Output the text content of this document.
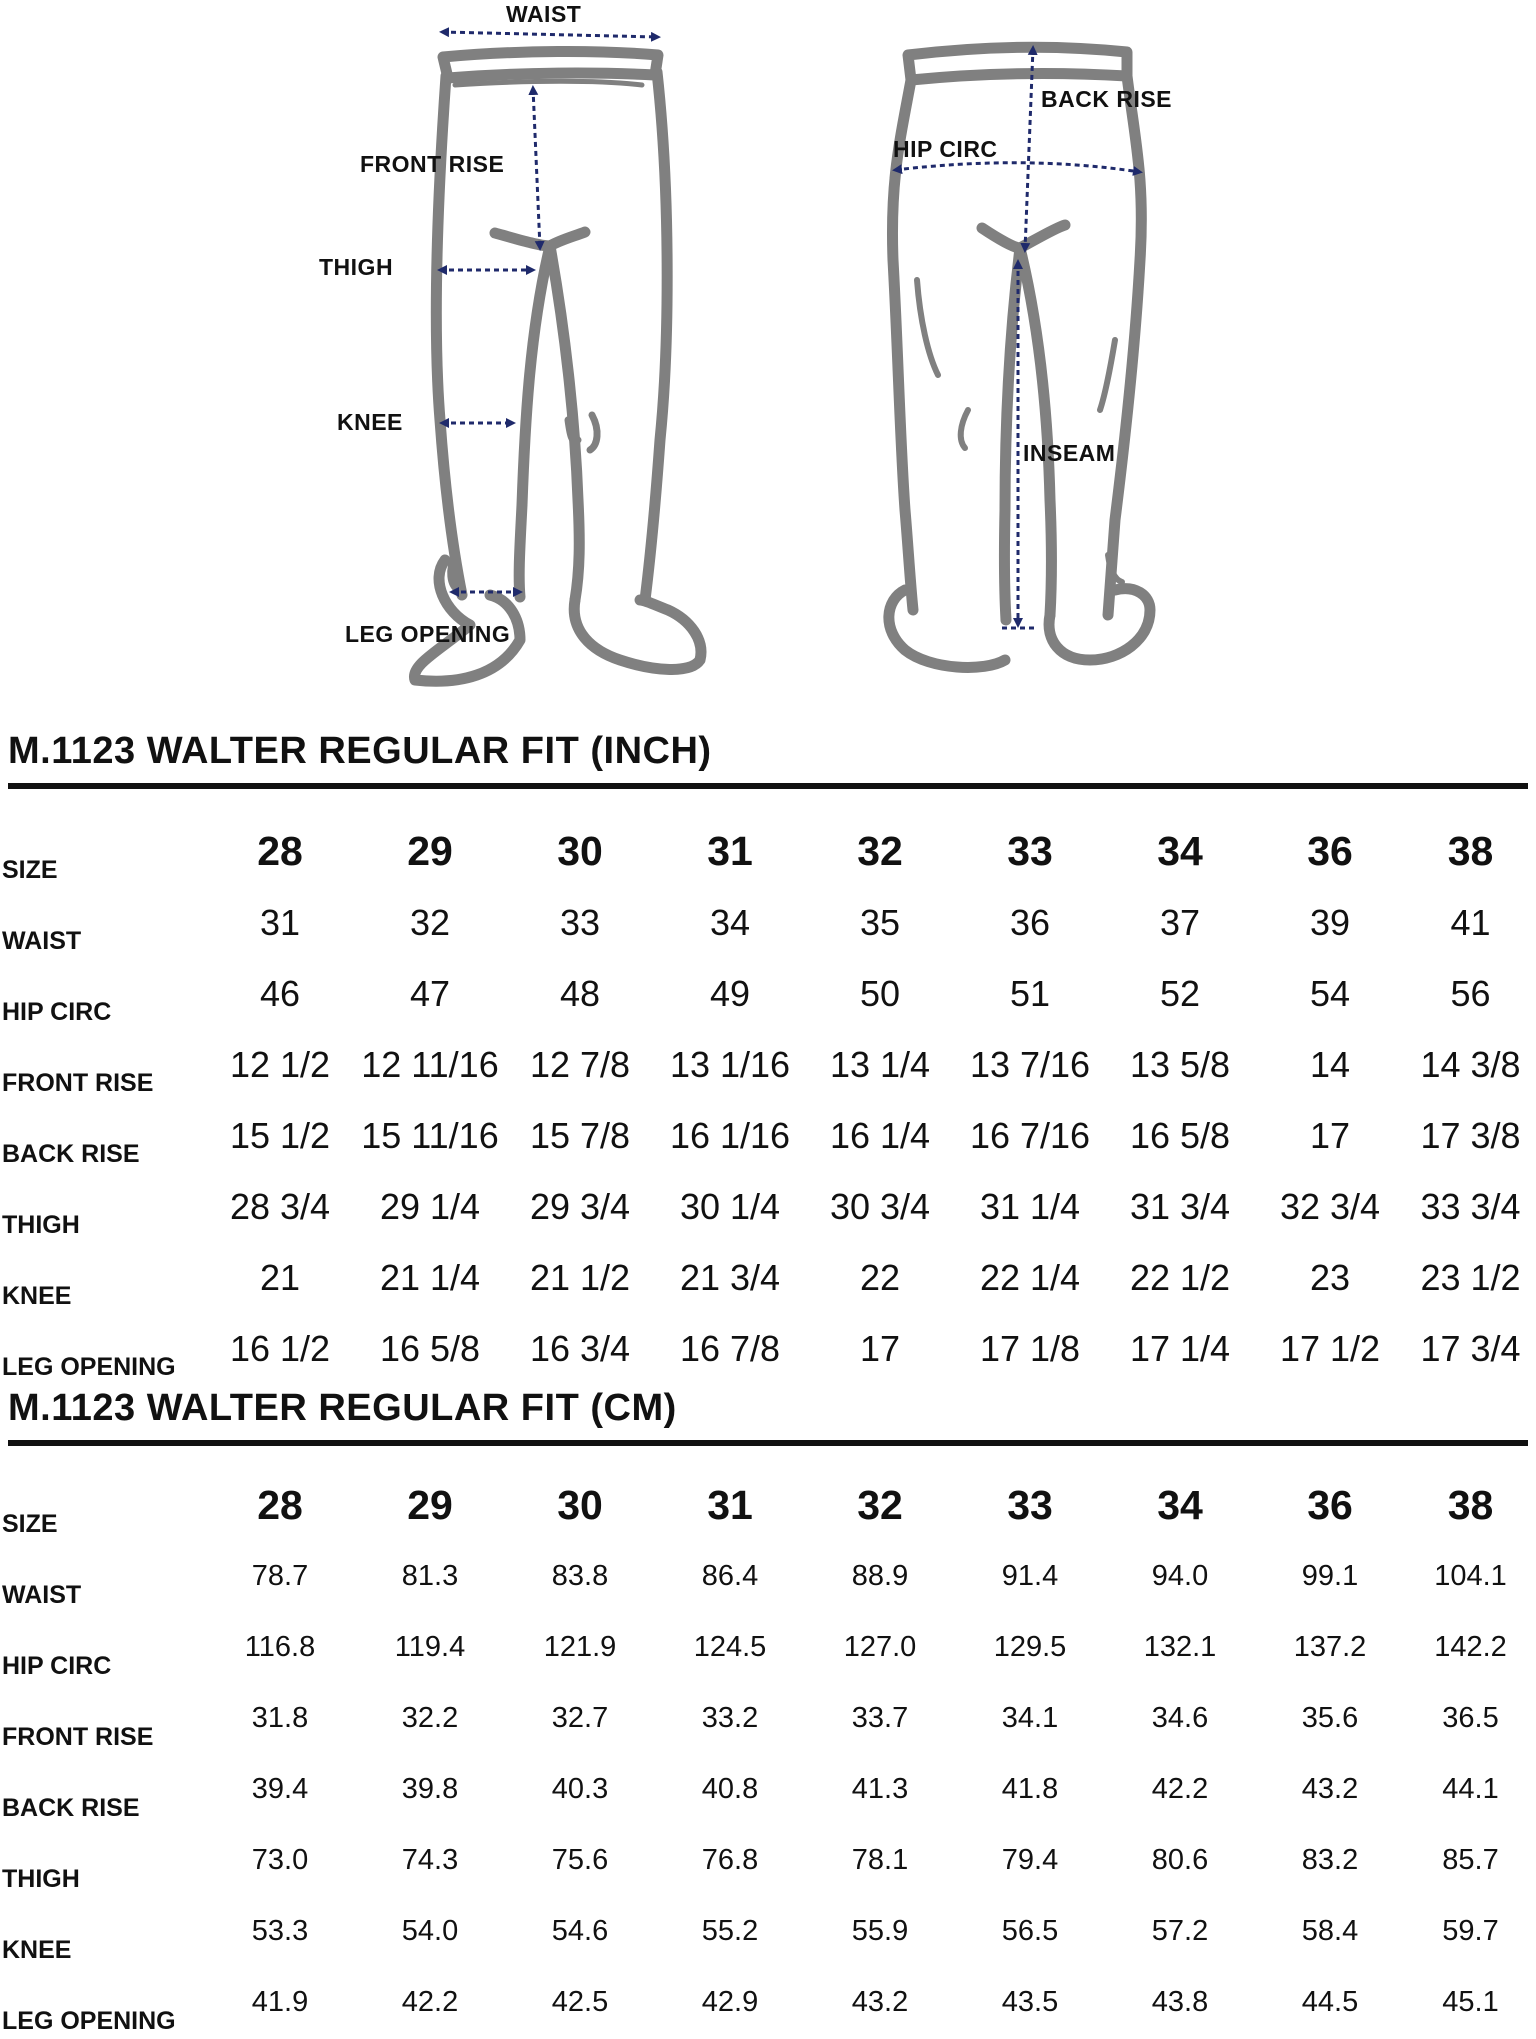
WAIST
FRONT RISE
THIGH
KNEE
LEG OPENING
BACK RISE
HIP CIRC
INSEAM
M.1123 WALTER REGULAR FIT (INCH)
SIZE	28	29	30	31	32	33	34	36	38
WAIST	31	32	33	34	35	36	37	39	41
HIP CIRC	46	47	48	49	50	51	52	54	56
FRONT RISE	12 1/2	12 11/16	12 7/8	13 1/16	13 1/4	13 7/16	13 5/8	14	14 3/8
BACK RISE	15 1/2	15 11/16	15 7/8	16 1/16	16 1/4	16 7/16	16 5/8	17	17 3/8
THIGH	28 3/4	29 1/4	29 3/4	30 1/4	30 3/4	31 1/4	31 3/4	32 3/4	33 3/4
KNEE	21	21 1/4	21 1/2	21 3/4	22	22 1/4	22 1/2	23	23 1/2
LEG OPENING	16 1/2	16 5/8	16 3/4	16 7/8	17	17 1/8	17 1/4	17 1/2	17 3/4
M.1123 WALTER REGULAR FIT (CM)
SIZE	28	29	30	31	32	33	34	36	38
WAIST	78.7	81.3	83.8	86.4	88.9	91.4	94.0	99.1	104.1
HIP CIRC	116.8	119.4	121.9	124.5	127.0	129.5	132.1	137.2	142.2
FRONT RISE	31.8	32.2	32.7	33.2	33.7	34.1	34.6	35.6	36.5
BACK RISE	39.4	39.8	40.3	40.8	41.3	41.8	42.2	43.2	44.1
THIGH	73.0	74.3	75.6	76.8	78.1	79.4	80.6	83.2	85.7
KNEE	53.3	54.0	54.6	55.2	55.9	56.5	57.2	58.4	59.7
LEG OPENING	41.9	42.2	42.5	42.9	43.2	43.5	43.8	44.5	45.1
